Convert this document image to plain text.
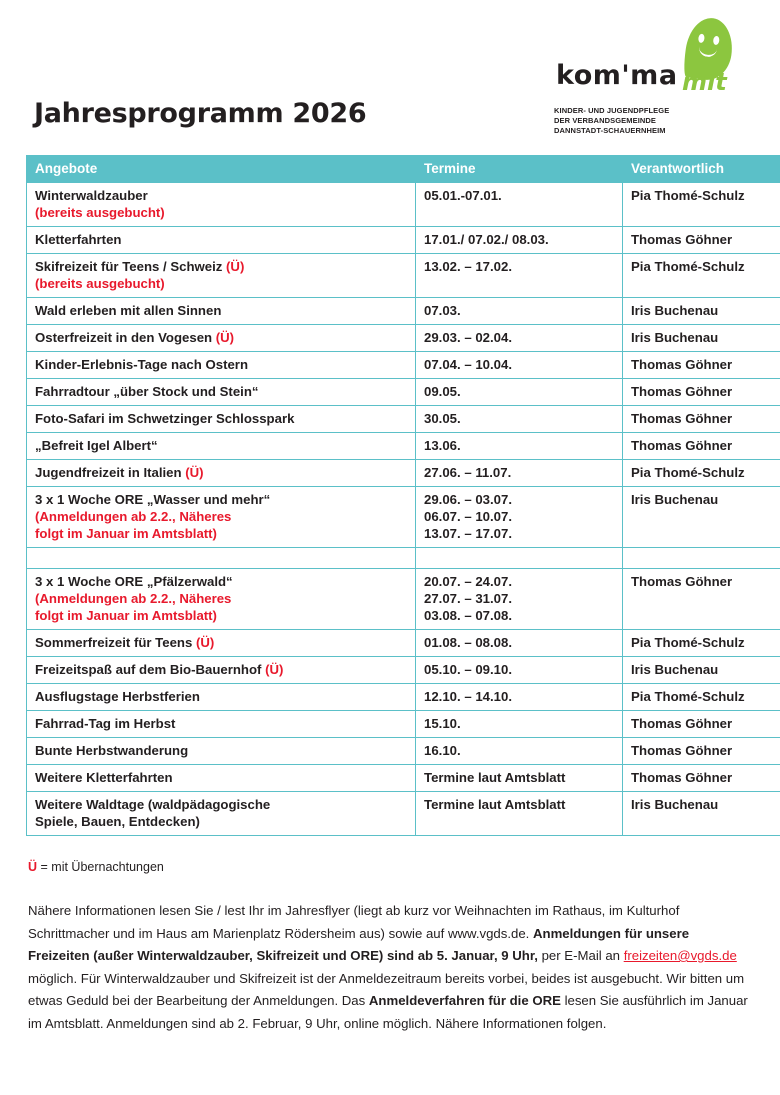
kom'ma mit
KINDER- UND JUGENDPFLEGE
DER VERBANDSGEMEINDE
DANNSTADT-SCHAUERNHEIM
Jahresprogramm 2026
Angebote	Termine	Verantwortlich
Winterwaldzauber
(bereits ausgebucht)	05.01.-07.01.	Pia Thomé-Schulz
Kletterfahrten	17.01./ 07.02./ 08.03.	Thomas Göhner
Skifreizeit für Teens / Schweiz (Ü)
(bereits ausgebucht)	13.02. – 17.02.	Pia Thomé-Schulz
Wald erleben mit allen Sinnen	07.03.	Iris Buchenau
Osterfreizeit in den Vogesen (Ü)	29.03. – 02.04.	Iris Buchenau
Kinder-Erlebnis-Tage nach Ostern	07.04. – 10.04.	Thomas Göhner
Fahrradtour „über Stock und Stein“	09.05.	Thomas Göhner
Foto-Safari im Schwetzinger Schlosspark	30.05.	Thomas Göhner
„Befreit Igel Albert“	13.06.	Thomas Göhner
Jugendfreizeit in Italien (Ü)	27.06. – 11.07.	Pia Thomé-Schulz
3 x 1 Woche ORE „Wasser und mehr“
(Anmeldungen ab 2.2., Näheres
folgt im Januar im Amtsblatt)	29.06. – 03.07.
06.07. – 10.07.
13.07. – 17.07.	Iris Buchenau

3 x 1 Woche ORE „Pfälzerwald“
(Anmeldungen ab 2.2., Näheres
folgt im Januar im Amtsblatt)	20.07. – 24.07.
27.07. – 31.07.
03.08. – 07.08.	Thomas Göhner
Sommerfreizeit für Teens (Ü)	01.08. – 08.08.	Pia Thomé-Schulz
Freizeitspaß auf dem Bio-Bauernhof (Ü)	05.10. – 09.10.	Iris Buchenau
Ausflugstage Herbstferien	12.10. – 14.10.	Pia Thomé-Schulz
Fahrrad-Tag im Herbst	15.10.	Thomas Göhner
Bunte Herbstwanderung	16.10.	Thomas Göhner
Weitere Kletterfahrten	Termine laut Amtsblatt	Thomas Göhner
Weitere Waldtage (waldpädagogische
Spiele, Bauen, Entdecken)	Termine laut Amtsblatt	Iris Buchenau
Ü = mit Übernachtungen
Nähere Informationen lesen Sie / lest Ihr im Jahresflyer (liegt ab kurz vor Weihnachten im Rathaus, im Kulturhof Schrittmacher und im Haus am Marienplatz Rödersheim aus) sowie auf www.vgds.de. Anmeldungen für unsere Freizeiten (außer Winterwaldzauber, Skifreizeit und ORE) sind ab 5. Januar, 9 Uhr, per E-Mail an freizeiten@vgds.de möglich. Für Winterwaldzauber und Skifreizeit ist der Anmeldezeitraum bereits vorbei, beides ist ausgebucht. Wir bitten um etwas Geduld bei der Bearbeitung der Anmeldungen. Das Anmeldeverfahren für die ORE lesen Sie ausführlich im Januar im Amtsblatt. Anmeldungen sind ab 2. Februar, 9 Uhr, online möglich. Nähere Informationen folgen.
